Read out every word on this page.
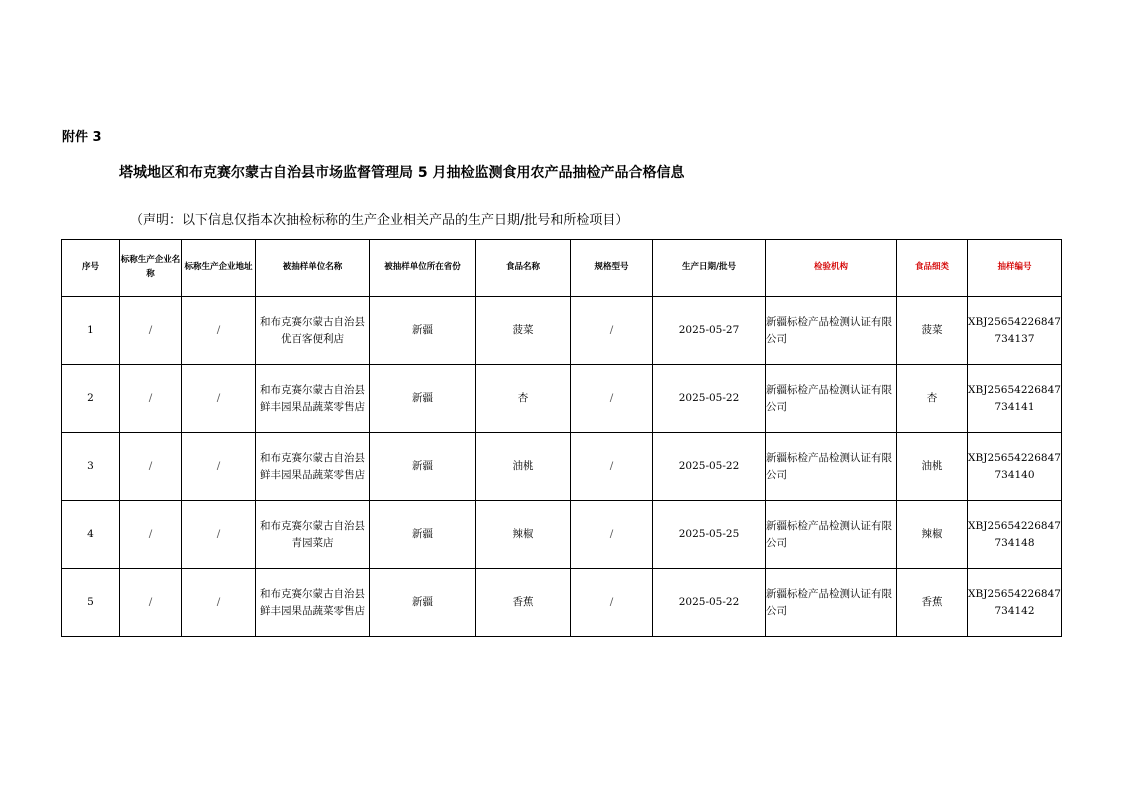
附件 3
塔城地区和布克赛尔蒙古自治县市场监督管理局 5 月抽检监测食用农产品抽检产品合格信息
（声明：以下信息仅指本次抽检标称的生产企业相关产品的生产日期/批号和所检项目）
序号	标称生产企业名称	标称生产企业地址	被抽样单位名称	被抽样单位所在省份	食品名称	规格型号	生产日期/批号	检验机构	食品细类	抽样编号
1	/	/	和布克赛尔蒙古自治县优百客便利店	新疆	菠菜	/	2025-05-27	新疆标检产品检测认证有限公司	菠菜	XBJ25654226847734137
2	/	/	和布克赛尔蒙古自治县鲜丰园果品蔬菜零售店	新疆	杏	/	2025-05-22	新疆标检产品检测认证有限公司	杏	XBJ25654226847734141
3	/	/	和布克赛尔蒙古自治县鲜丰园果品蔬菜零售店	新疆	油桃	/	2025-05-22	新疆标检产品检测认证有限公司	油桃	XBJ25654226847734140
4	/	/	和布克赛尔蒙古自治县青园菜店	新疆	辣椒	/	2025-05-25	新疆标检产品检测认证有限公司	辣椒	XBJ25654226847734148
5	/	/	和布克赛尔蒙古自治县鲜丰园果品蔬菜零售店	新疆	香蕉	/	2025-05-22	新疆标检产品检测认证有限公司	香蕉	XBJ25654226847734142
